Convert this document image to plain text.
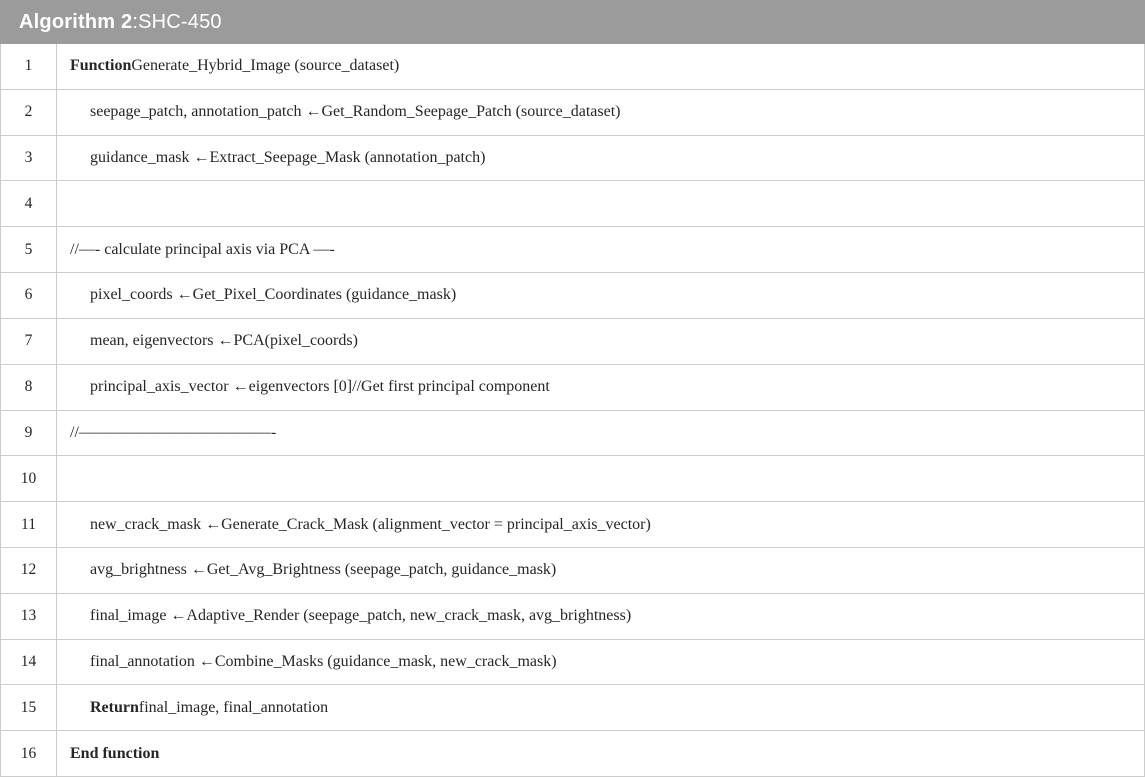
Algorithm 2 :SHC-450
1	Function Generate_Hybrid_Image (source_dataset)
2	seepage_patch, annotation_patch ←Get_Random_Seepage_Patch (source_dataset)
3	guidance_mask ←Extract_Seepage_Mask (annotation_patch)
4
5	//—- calculate principal axis via PCA —-
6	pixel_coords ←Get_Pixel_Coordinates (guidance_mask)
7	mean, eigenvectors ←PCA(pixel_coords)
8	principal_axis_vector ←eigenvectors [0]//Get first principal component
9	//————————————-
10
11	new_crack_mask ←Generate_Crack_Mask (alignment_vector = principal_axis_vector)
12	avg_brightness ←Get_Avg_Brightness (seepage_patch, guidance_mask)
13	final_image ←Adaptive_Render (seepage_patch, new_crack_mask, avg_brightness)
14	final_annotation ←Combine_Masks (guidance_mask, new_crack_mask)
15	Return final_image, final_annotation
16	End function
